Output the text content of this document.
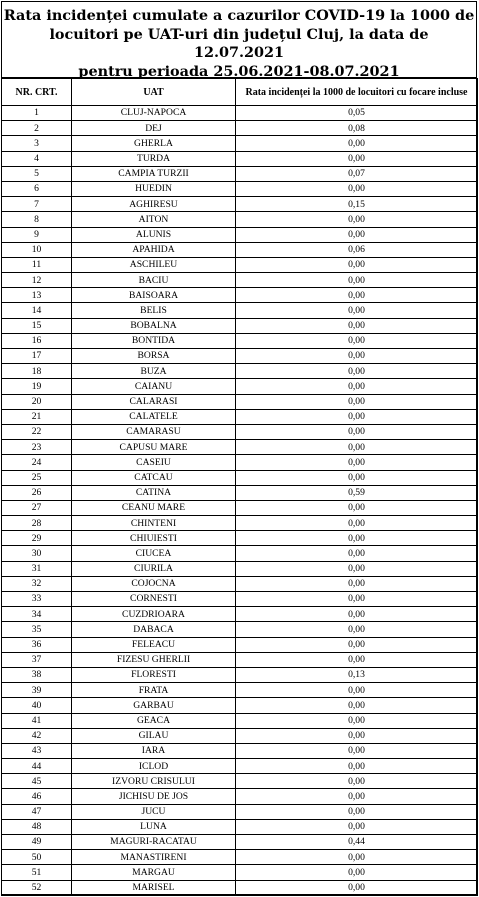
Rata incidenței cumulate a cazurilor COVID-19 la 1000 de
locuitori pe UAT-uri din județul Cluj, la data de 12.07.2021
pentru perioada 25.06.2021-08.07.2021
NR. CRT.	UAT	Rata incidenței la 1000 de locuitori cu focare incluse
1	CLUJ-NAPOCA	0,05
2	DEJ	0,08
3	GHERLA	0,00
4	TURDA	0,00
5	CAMPIA TURZII	0,07
6	HUEDIN	0,00
7	AGHIRESU	0,15
8	AITON	0,00
9	ALUNIS	0,00
10	APAHIDA	0,06
11	ASCHILEU	0,00
12	BACIU	0,00
13	BAISOARA	0,00
14	BELIS	0,00
15	BOBALNA	0,00
16	BONTIDA	0,00
17	BORSA	0,00
18	BUZA	0,00
19	CAIANU	0,00
20	CALARASI	0,00
21	CALATELE	0,00
22	CAMARASU	0,00
23	CAPUSU MARE	0,00
24	CASEIU	0,00
25	CATCAU	0,00
26	CATINA	0,59
27	CEANU MARE	0,00
28	CHINTENI	0,00
29	CHIUIESTI	0,00
30	CIUCEA	0,00
31	CIURILA	0,00
32	COJOCNA	0,00
33	CORNESTI	0,00
34	CUZDRIOARA	0,00
35	DABACA	0,00
36	FELEACU	0,00
37	FIZESU GHERLII	0,00
38	FLORESTI	0,13
39	FRATA	0,00
40	GARBAU	0,00
41	GEACA	0,00
42	GILAU	0,00
43	IARA	0,00
44	ICLOD	0,00
45	IZVORU CRISULUI	0,00
46	JICHISU DE JOS	0,00
47	JUCU	0,00
48	LUNA	0,00
49	MAGURI-RACATAU	0,44
50	MANASTIRENI	0,00
51	MARGAU	0,00
52	MARISEL	0,00
